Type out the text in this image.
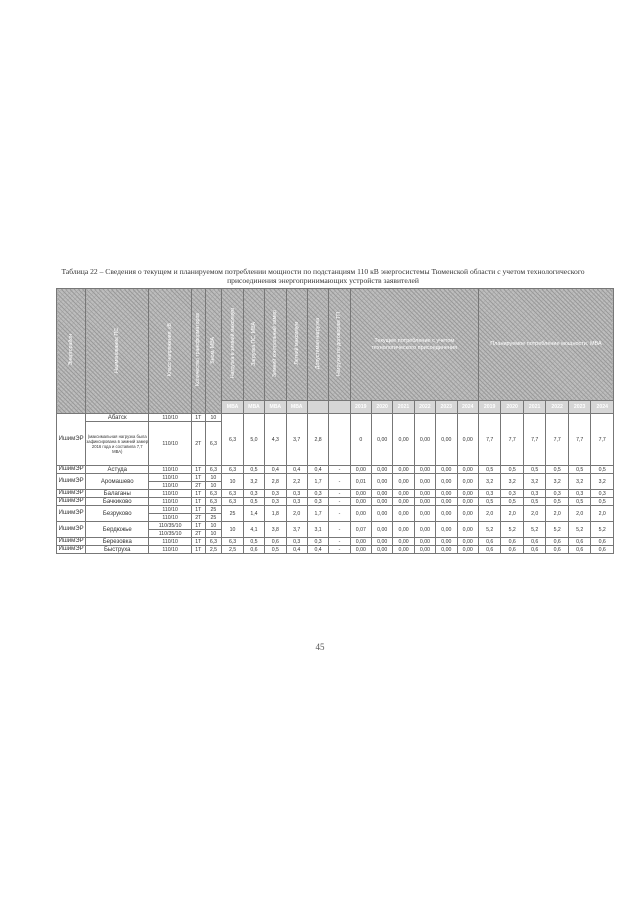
Таблица 22 – Сведения о текущем и планируемом потреблении мощности по подстанциям 110 кВ энергосистемы Тюменской области с учетом технологического присоединения энергопринимающих устройств заявителей
Энергорайон	Наименование ПС	Класс напряжения, кВ	Количество трансформаторов	Sном, МВА	Нагрузка в зимний максимум	Загрузка ПС, МВА	Зимний контрольный замер	Летний максимум	Допустимая нагрузка	Нагрузка по договорам ТП	Текущее потребление с учетом технологического присоединения						Планируемое потребление мощности, МВА					
					МВА	МВА	МВА	МВА			2019	2020	2021	2022	2023	2024	2019	2020	2021	2022	2023	2024
ИшимЭР	Абатск	110/10	1Т	10	6,3	5,0	4,3	3,7	2,8		0	0,00	0,00	0,00	0,00	0,00	7,7	7,7	7,7	7,7	7,7	7,7
	(максимальная нагрузка была зафиксирована в зимний замер 2016 года и составила 7,7 МВА)	110/10	2Т	6,3																		
ИшимЭР	Астуда	110/10	1Т	6,3	6,3	0,5	0,4	0,4	0,4	-	0,00	0,00	0,00	0,00	0,00	0,00	0,5	0,5	0,5	0,5	0,5	0,5
ИшимЭР	Аромашево	110/10	1Т	10	10	3,2	2,8	2,2	1,7	-	0,01	0,00	0,00	0,00	0,00	0,00	3,2	3,2	3,2	3,2	3,2	3,2
		110/10	2Т	10																		
ИшимЭР	Балаганы	110/10	1Т	6,3	6,3	0,3	0,3	0,3	0,3	-	0,00	0,00	0,00	0,00	0,00	0,00	0,3	0,3	0,3	0,3	0,3	0,3
ИшимЭР	Бачкиково	110/10	1Т	6,3	6,3	0,5	0,3	0,3	0,3	-	0,00	0,00	0,00	0,00	0,00	0,00	0,5	0,5	0,5	0,5	0,5	0,5
ИшимЭР	Безруково	110/10	1Т	25	25	1,4	1,8	2,0	1,7	-	0,00	0,00	0,00	0,00	0,00	0,00	2,0	2,0	2,0	2,0	2,0	2,0
		110/10	2Т	25																		
ИшимЭР	Бердюжье	110/35/10	1Т	10	10	4,1	3,8	3,7	3,1	-	0,07	0,00	0,00	0,00	0,00	0,00	5,2	5,2	5,2	5,2	5,2	5,2
		110/35/10	2Т	10																		
ИшимЭР	Березовка	110/10	1Т	6,3	6,3	0,5	0,6	0,3	0,3	-	0,00	0,00	0,00	0,00	0,00	0,00	0,6	0,6	0,6	0,6	0,6	0,6
ИшимЭР	Быструха	110/10	1Т	2,5	2,5	0,6	0,5	0,4	0,4	-	0,00	0,00	0,00	0,00	0,00	0,00	0,6	0,6	0,6	0,6	0,6	0,6
45
